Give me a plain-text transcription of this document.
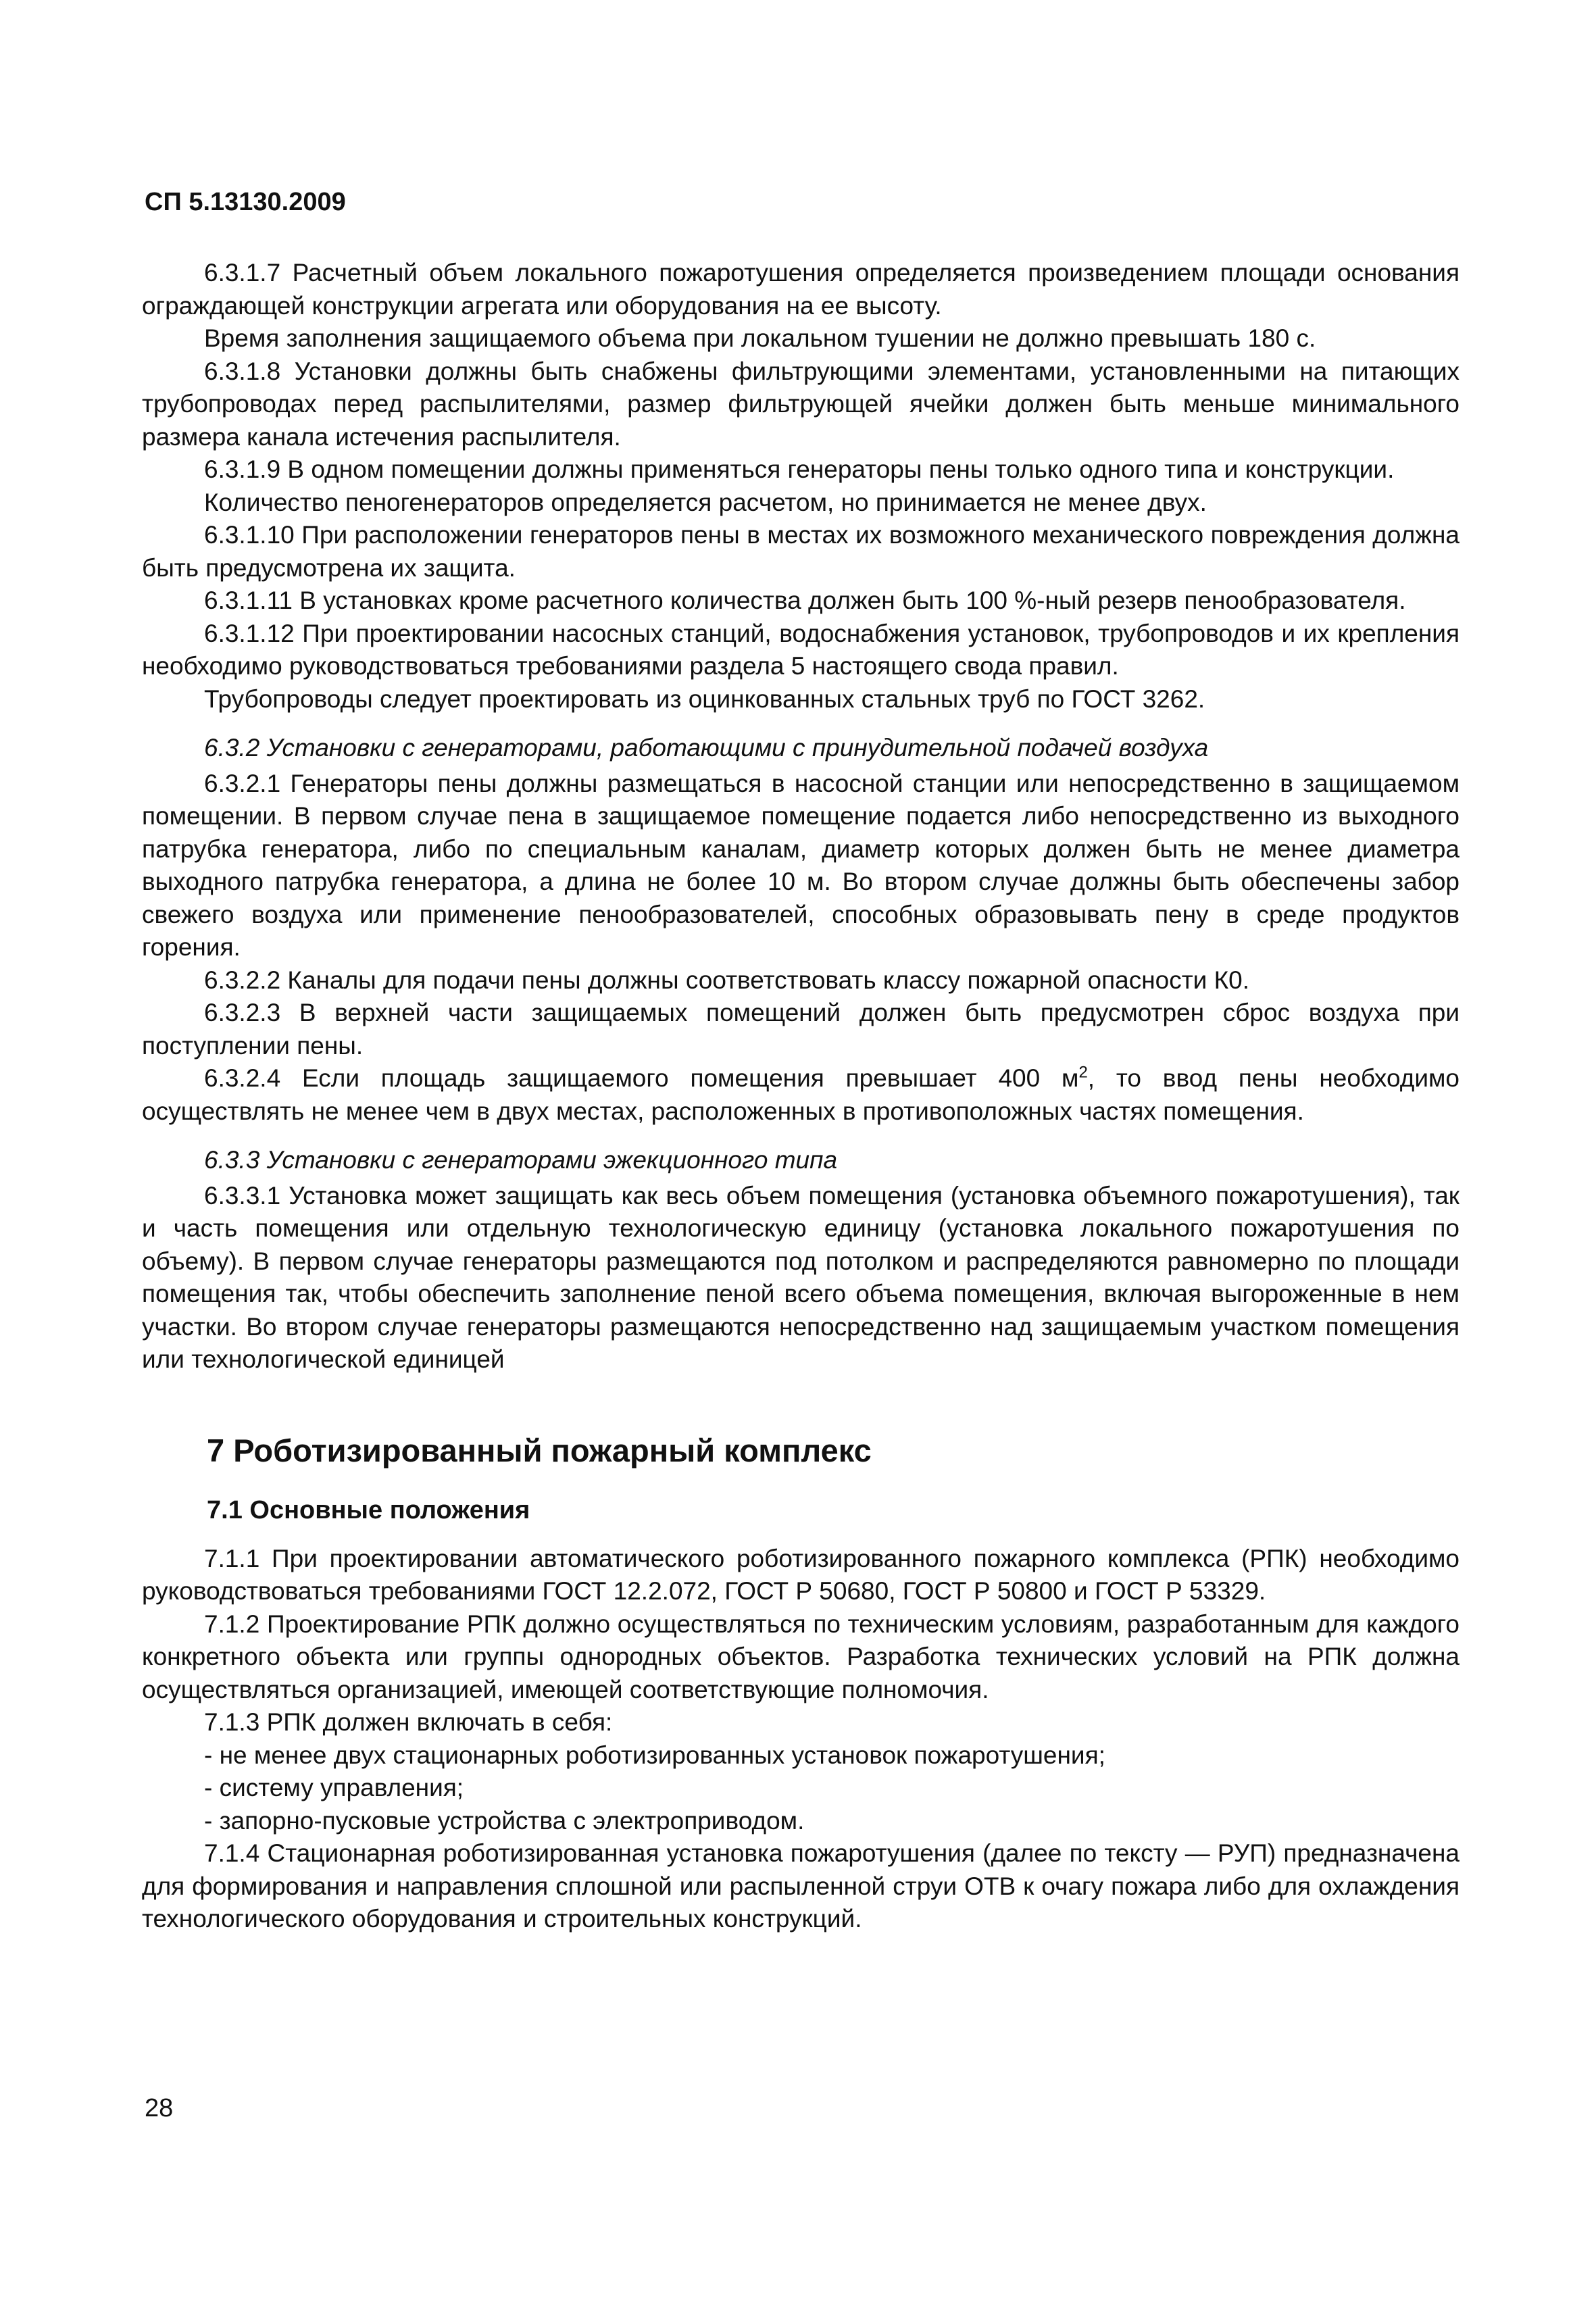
СП 5.13130.2009

6.3.1.7 Расчетный объем локального пожаротушения определяется произведением площади основания ограждающей конструкции агрегата или оборудования на ее высоту.

Время заполнения защищаемого объема при локальном тушении не должно превышать 180 с.

6.3.1.8 Установки должны быть снабжены фильтрующими элементами, установленными на питающих трубопроводах перед распылителями, размер фильтрующей ячейки должен быть меньше минимального размера канала истечения распылителя.

6.3.1.9 В одном помещении должны применяться генераторы пены только одного типа и конструкции.

Количество пеногенераторов определяется расчетом, но принимается не менее двух.

6.3.1.10 При расположении генераторов пены в местах их возможного механического повреждения должна быть предусмотрена их защита.

6.3.1.11 В установках кроме расчетного количества должен быть 100 %-ный резерв пенообразователя.

6.3.1.12 При проектировании насосных станций, водоснабжения установок, трубопроводов и их крепления необходимо руководствоваться требованиями раздела 5 настоящего свода правил.

Трубопроводы следует проектировать из оцинкованных стальных труб по ГОСТ 3262.

6.3.2 Установки с генераторами, работающими с принудительной подачей воздуха

6.3.2.1 Генераторы пены должны размещаться в насосной станции или непосредственно в защищаемом помещении. В первом случае пена в защищаемое помещение подается либо непосредственно из выходного патрубка генератора, либо по специальным каналам, диаметр которых должен быть не менее диаметра выходного патрубка генератора, а длина не более 10 м. Во втором случае должны быть обеспечены забор свежего воздуха или применение пенообразователей, способных образовывать пену в среде продуктов горения.

6.3.2.2 Каналы для подачи пены должны соответствовать классу пожарной опасности К0.

6.3.2.3 В верхней части защищаемых помещений должен быть предусмотрен сброс воздуха при поступлении пены.

6.3.2.4 Если площадь защищаемого помещения превышает 400 $м^2$, то ввод пены необходимо осуществлять не менее чем в двух местах, расположенных в противоположных частях помещения.

6.3.3 Установки с генераторами эжекционного типа

6.3.3.1 Установка может защищать как весь объем помещения (установка объемного пожаротушения), так и часть помещения или отдельную технологическую единицу (установка локального пожаротушения по объему). В первом случае генераторы размещаются под потолком и распределяются равномерно по площади помещения так, чтобы обеспечить заполнение пеной всего объема помещения, включая выгороженные в нем участки. Во втором случае генераторы размещаются непосредственно над защищаемым участком помещения или технологической единицей

7 Роботизированный пожарный комплекс
7.1 Основные положения

7.1.1 При проектировании автоматического роботизированного пожарного комплекса (РПК) необходимо руководствоваться требованиями ГОСТ 12.2.072, ГОСТ Р 50680, ГОСТ Р 50800 и ГОСТ Р 53329.

7.1.2 Проектирование РПК должно осуществляться по техническим условиям, разработанным для каждого конкретного объекта или группы однородных объектов. Разработка технических условий на РПК должна осуществляться организацией, имеющей соответствующие полномочия.

7.1.3 РПК должен включать в себя:

- не менее двух стационарных роботизированных установок пожаротушения;

- систему управления;

- запорно-пусковые устройства с электроприводом.

7.1.4 Стационарная роботизированная установка пожаротушения (далее по тексту — РУП) предназначена для формирования и направления сплошной или распыленной струи ОТВ к очагу пожара либо для охлаждения технологического оборудования и строительных конструкций.

28
